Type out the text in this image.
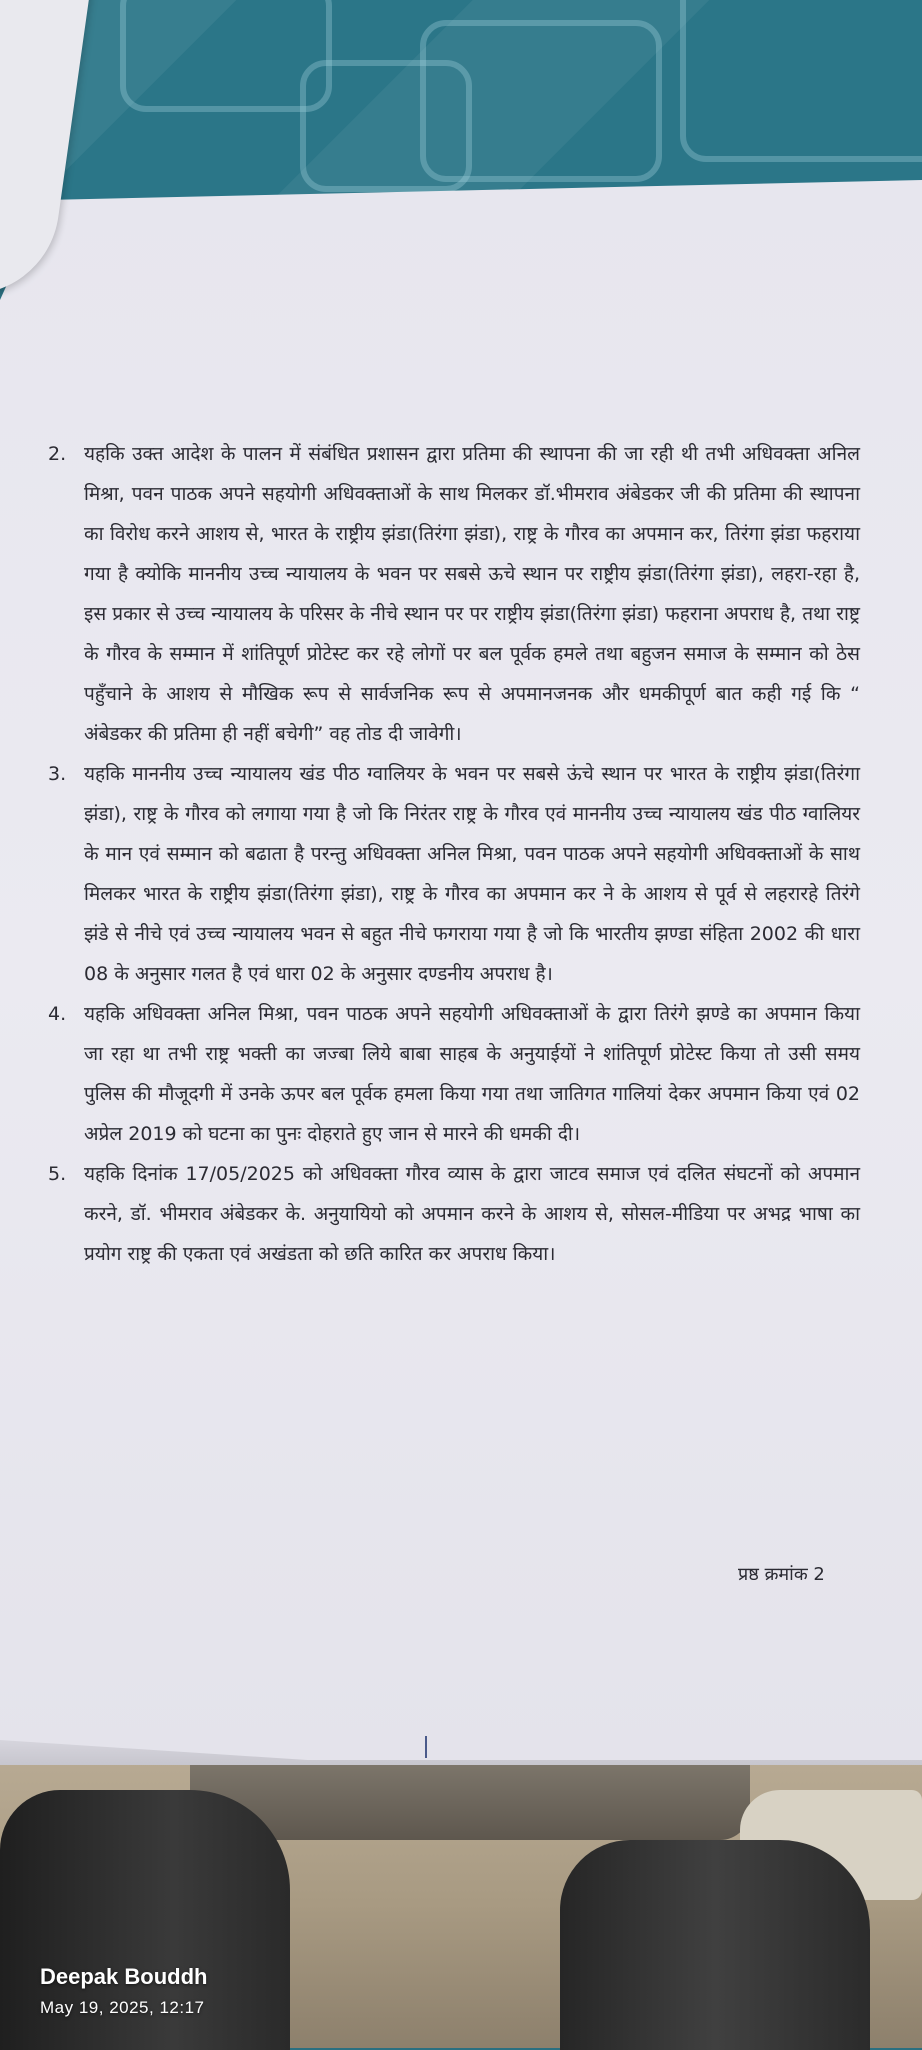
2. यहकि उक्त आदेश के पालन में संबंधित प्रशासन द्वारा प्रतिमा की स्थापना की जा रही थी तभी अधिवक्ता अनिल मिश्रा, पवन पाठक अपने सहयोगी अधिवक्ताओं के साथ मिलकर डॉ.भीमराव अंबेडकर जी की प्रतिमा की स्थापना का विरोध करने आशय से, भारत के राष्ट्रीय झंडा(तिरंगा झंडा), राष्ट्र के गौरव का अपमान कर, तिरंगा झंडा फहराया गया है क्योकि माननीय उच्च न्यायालय के भवन पर सबसे ऊचे स्थान पर राष्ट्रीय झंडा(तिरंगा झंडा), लहरा-रहा है, इस प्रकार से उच्च न्यायालय के परिसर के नीचे स्थान पर पर राष्ट्रीय झंडा(तिरंगा झंडा) फहराना अपराध है, तथा राष्ट्र के गौरव के सम्मान में शांतिपूर्ण प्रोटेस्ट कर रहे लोगों पर बल पूर्वक हमले तथा बहुजन समाज के सम्मान को ठेस पहुँचाने के आशय से मौखिक रूप से सार्वजनिक रूप से अपमानजनक और धमकीपूर्ण बात कही गई कि “ अंबेडकर की प्रतिमा ही नहीं बचेगी” वह तोड दी जावेगी।
3. यहकि माननीय उच्च न्यायालय खंड पीठ ग्वालियर के भवन पर सबसे ऊंचे स्थान पर भारत के राष्ट्रीय झंडा(तिरंगा झंडा), राष्ट्र के गौरव को लगाया गया है जो कि निरंतर राष्ट्र के गौरव एवं माननीय उच्च न्यायालय खंड पीठ ग्वालियर के मान एवं सम्मान को बढाता है परन्तु अधिवक्ता अनिल मिश्रा, पवन पाठक अपने सहयोगी अधिवक्ताओं के साथ मिलकर भारत के राष्ट्रीय झंडा(तिरंगा झंडा), राष्ट्र के गौरव का अपमान कर ने के आशय से पूर्व से लहरारहे तिरंगे झंडे से नीचे एवं उच्च न्यायालय भवन से बहुत नीचे फगराया गया है जो कि भारतीय झण्डा संहिता 2002 की धारा 08 के अनुसार गलत है एवं धारा 02 के अनुसार दण्डनीय अपराध है।
4. यहकि अधिवक्ता अनिल मिश्रा, पवन पाठक अपने सहयोगी अधिवक्ताओं के द्वारा तिरंगे झण्डे का अपमान किया जा रहा था तभी राष्ट्र भक्ती का जज्बा लिये बाबा साहब के अनुयाईयों ने शांतिपूर्ण प्रोटेस्ट किया तो उसी समय पुलिस की मौजूदगी में उनके ऊपर बल पूर्वक हमला किया गया तथा जातिगत गालियां देकर अपमान किया एवं 02 अप्रेल 2019 को घटना का पुनः दोहराते हुए जान से मारने की धमकी दी।
5. यहकि दिनांक 17/05/2025 को अधिवक्ता गौरव व्यास के द्वारा जाटव समाज एवं दलित संघटनों को अपमान करने, डॉ. भीमराव अंबेडकर के. अनुयायियो को अपमान करने के आशय से, सोसल-मीडिया पर अभद्र भाषा का प्रयोग राष्ट्र की एकता एवं अखंडता को छति कारित कर अपराध किया।
प्रष्ठ क्रमांक 2
Deepak Bouddh
May 19, 2025, 12:17
